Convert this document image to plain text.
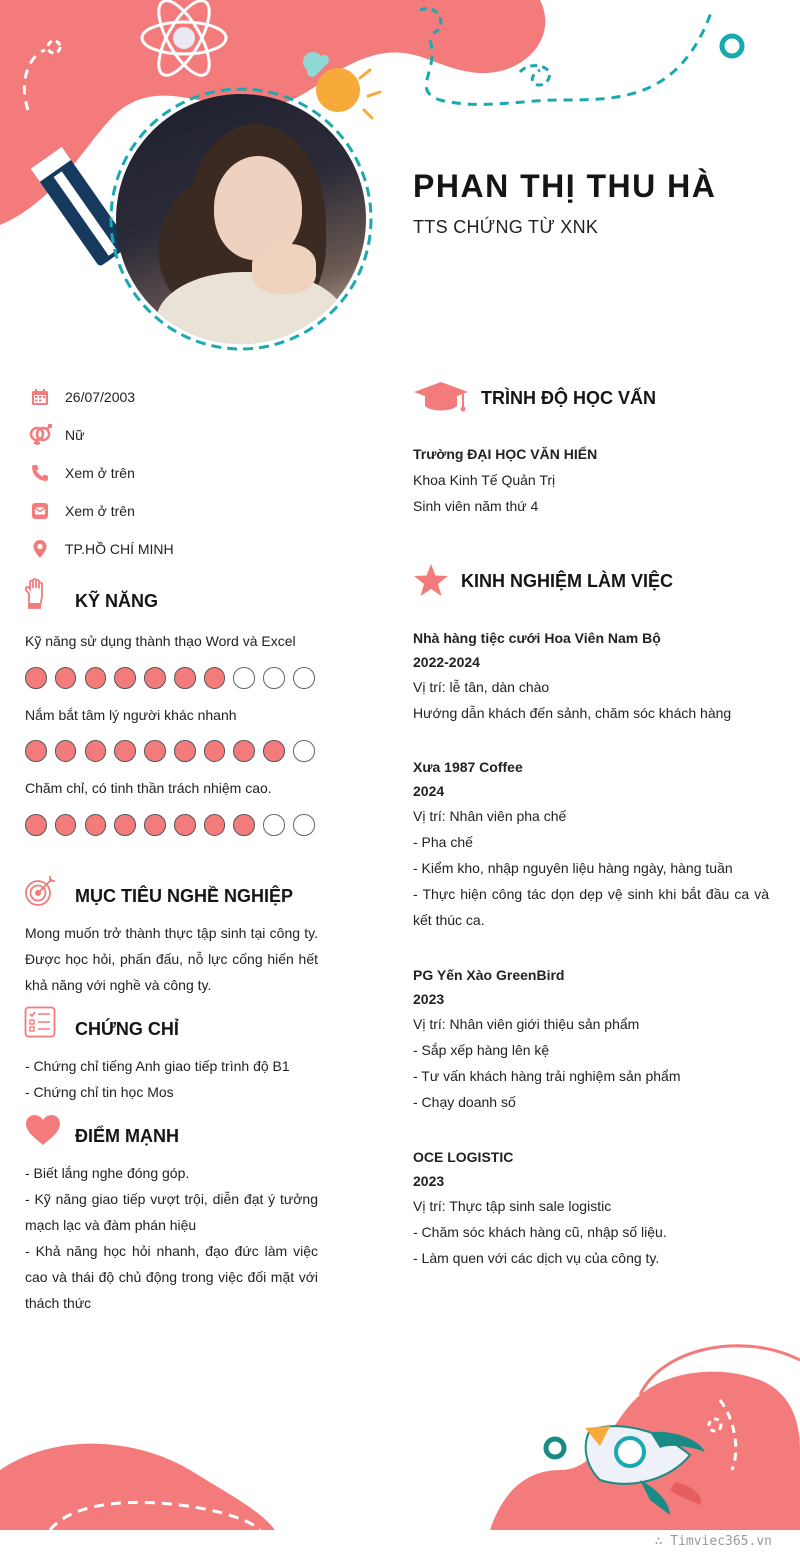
PHAN THỊ THU HÀ
TTS CHỨNG TỪ XNK
26/07/2003
Nữ
Xem ở trên
Xem ở trên
TP.HỒ CHÍ MINH
KỸ NĂNG
Kỹ năng sử dụng thành thạo Word và Excel
Nắm bắt tâm lý người khác nhanh
Chăm chỉ, có tinh thần trách nhiệm cao.
MỤC TIÊU NGHỀ NGHIỆP

Mong muốn trở thành thực tập sinh tại công ty. Được học hỏi, phấn đấu, nỗ lực cống hiến hết khả năng với nghề và công ty.

CHỨNG CHỈ

- Chứng chỉ tiếng Anh giao tiếp trình độ B1

- Chứng chỉ tin học Mos

ĐIỂM MẠNH

- Biết lắng nghe đóng góp.

- Kỹ năng giao tiếp vượt trội, diễn đạt ý tưởng mạch lạc và đàm phán hiệu

- Khả năng học hỏi nhanh, đạo đức làm việc cao và thái độ chủ động trong việc đối mặt với thách thức

TRÌNH ĐỘ HỌC VẤN
Trường ĐẠI HỌC VĂN HIẾN
Khoa Kinh Tế Quản Trị
Sinh viên năm thứ 4
KINH NGHIỆM LÀM VIỆC
Nhà hàng tiệc cưới Hoa Viên Nam Bộ
2022-2024
Vị trí: lễ tân, dàn chào
Hướng dẫn khách đến sảnh, chăm sóc khách hàng
Xưa 1987 Coffee
2024
Vị trí: Nhân viên pha chế
- Pha chế
- Kiểm kho, nhập nguyên liệu hàng ngày, hàng tuần
- Thực hiện công tác dọn dẹp vệ sinh khi bắt đầu ca và kết thúc ca.
PG Yến Xào GreenBird
2023
Vị trí: Nhân viên giới thiệu sản phẩm
- Sắp xếp hàng lên kệ
- Tư vấn khách hàng trải nghiệm sản phẩm
- Chạy doanh số
OCE LOGISTIC
2023
Vị trí: Thực tập sinh sale logistic
- Chăm sóc khách hàng cũ, nhập số liệu.
- Làm quen với các dịch vụ của công ty.
∴ Timviec365.vn
